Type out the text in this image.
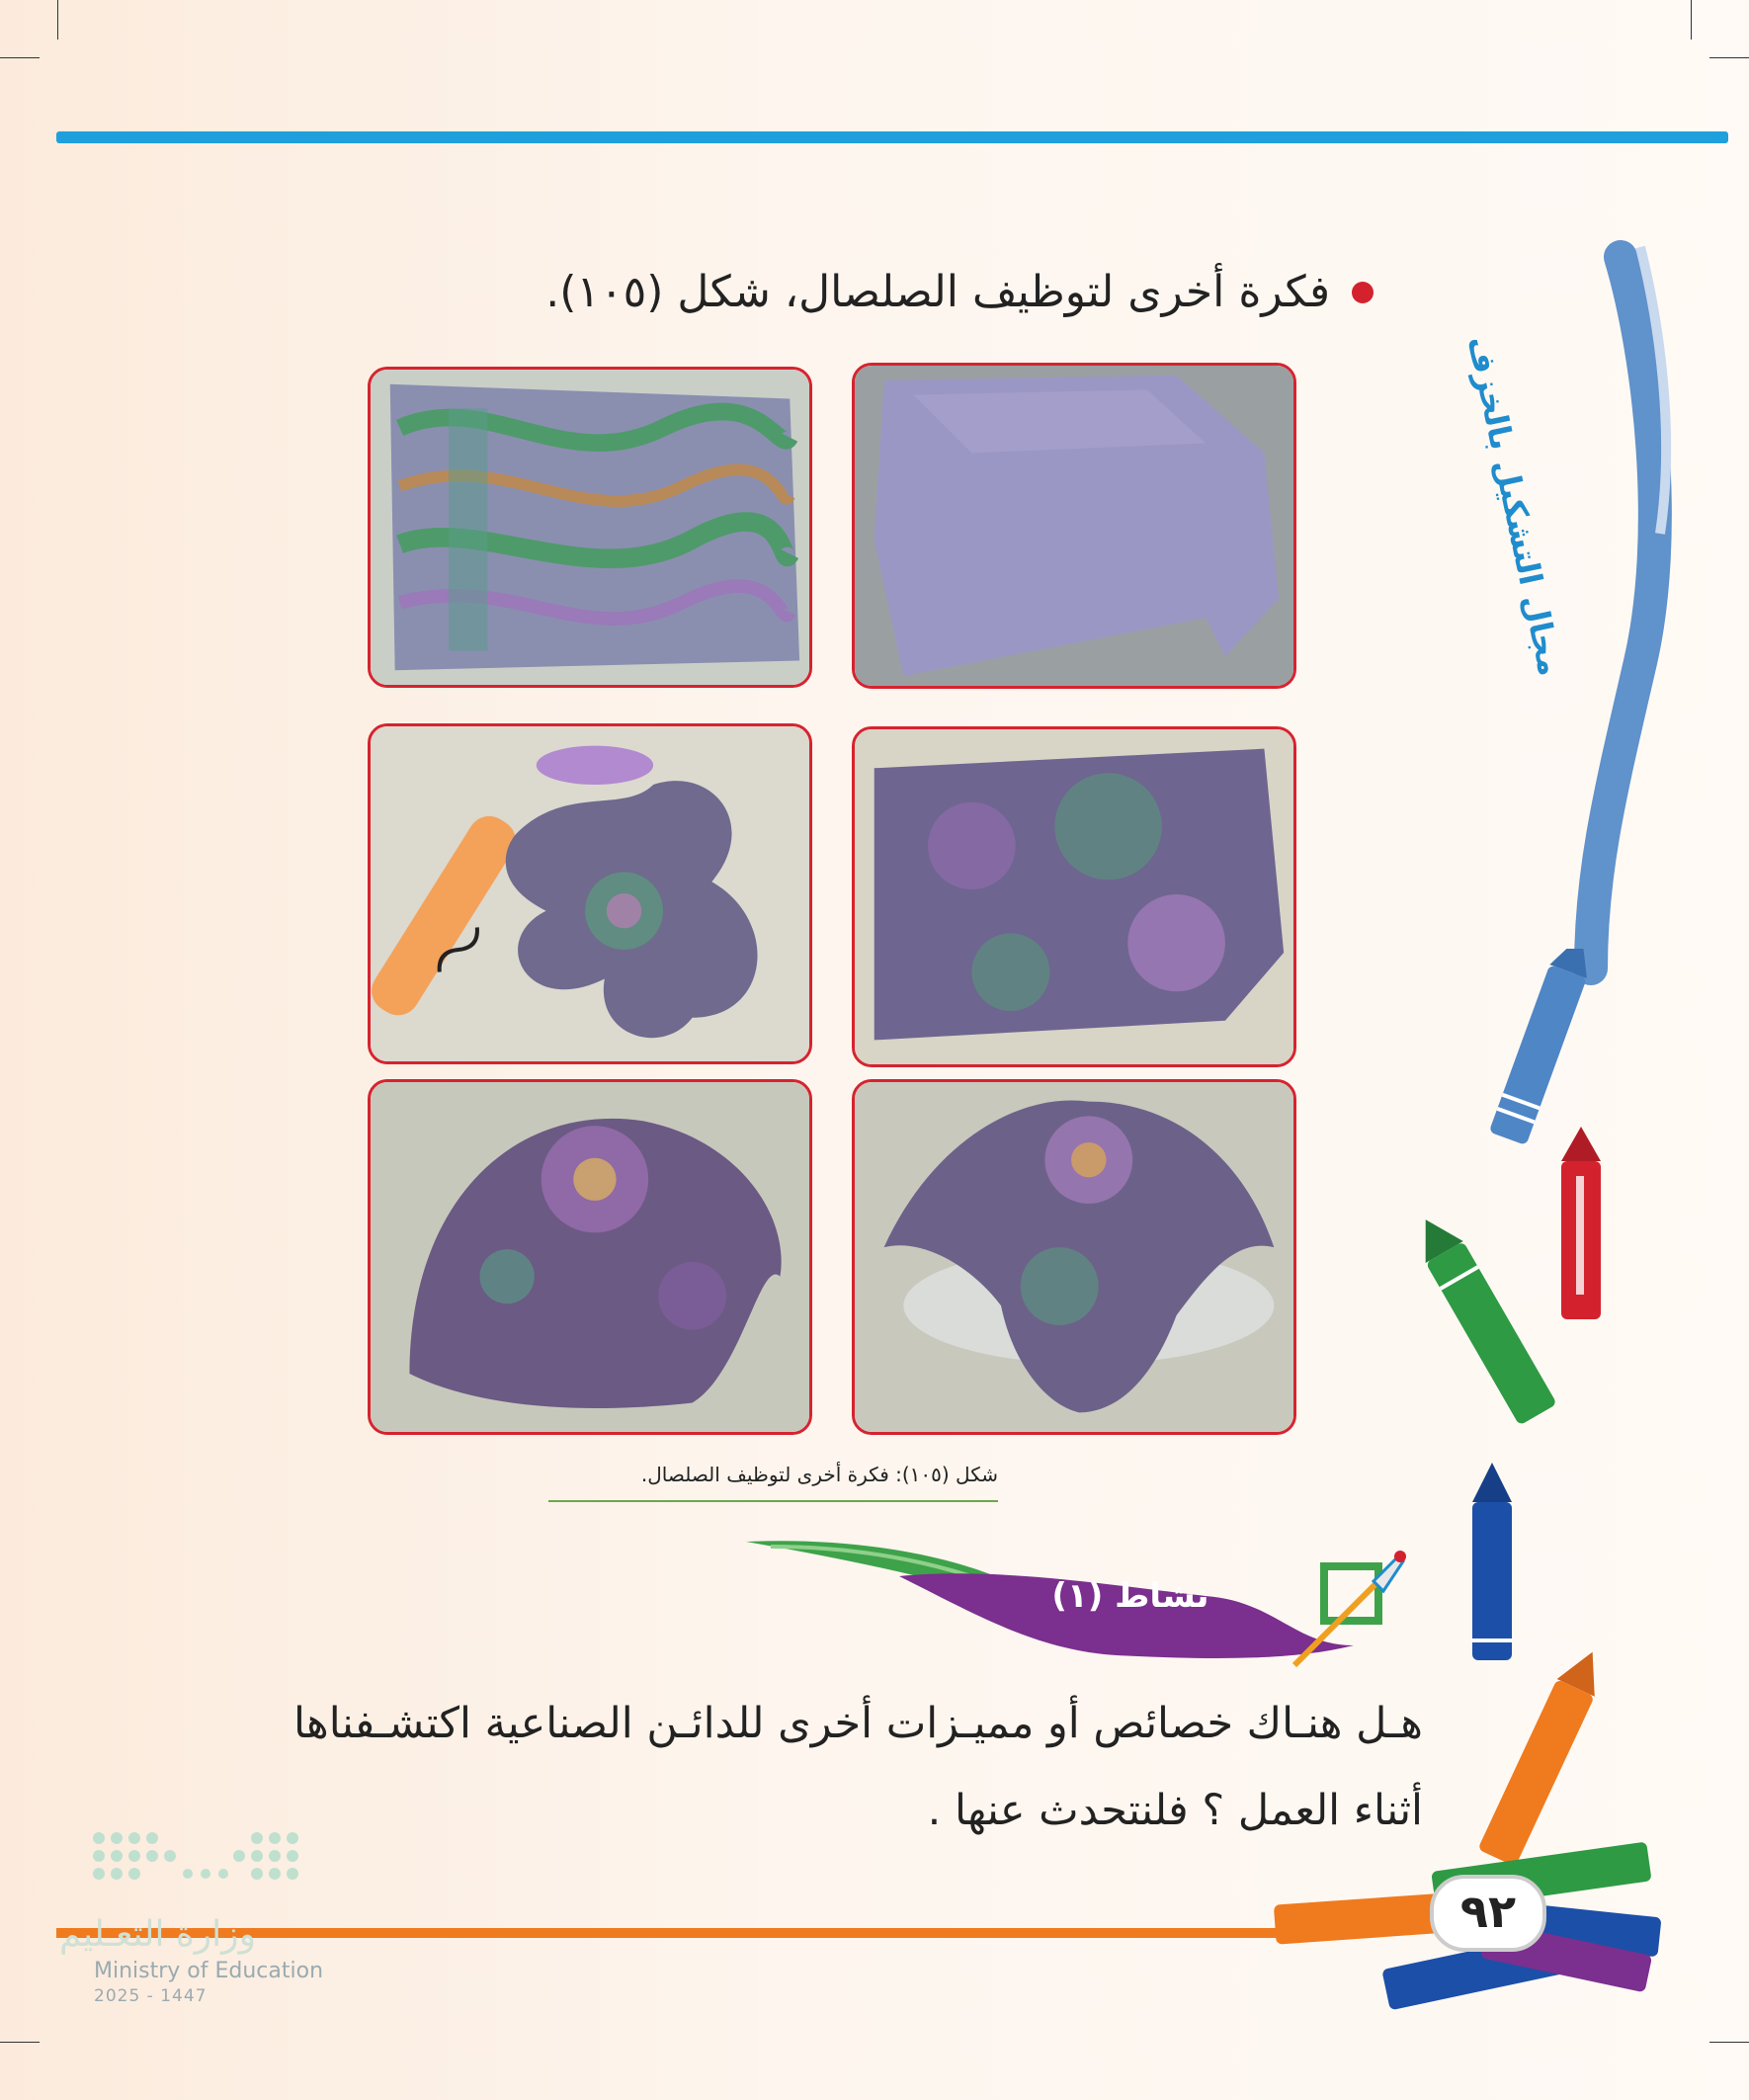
فكرة أخرى لتوظيف الصلصال، شكل (١٠٥).
شكل (١٠٥): فكرة أخرى لتوظيف الصلصال.
نشاط (١)
هـل هنـاك خصائص أو مميـزات أخرى للدائـن الصناعية اكتشـفناها أثناء العمل ؟ فلنتحدث عنها .
مجال التشكيل بالخزف
٩٢
وزارة التعـليم
Ministry of Education
2025 - 1447
